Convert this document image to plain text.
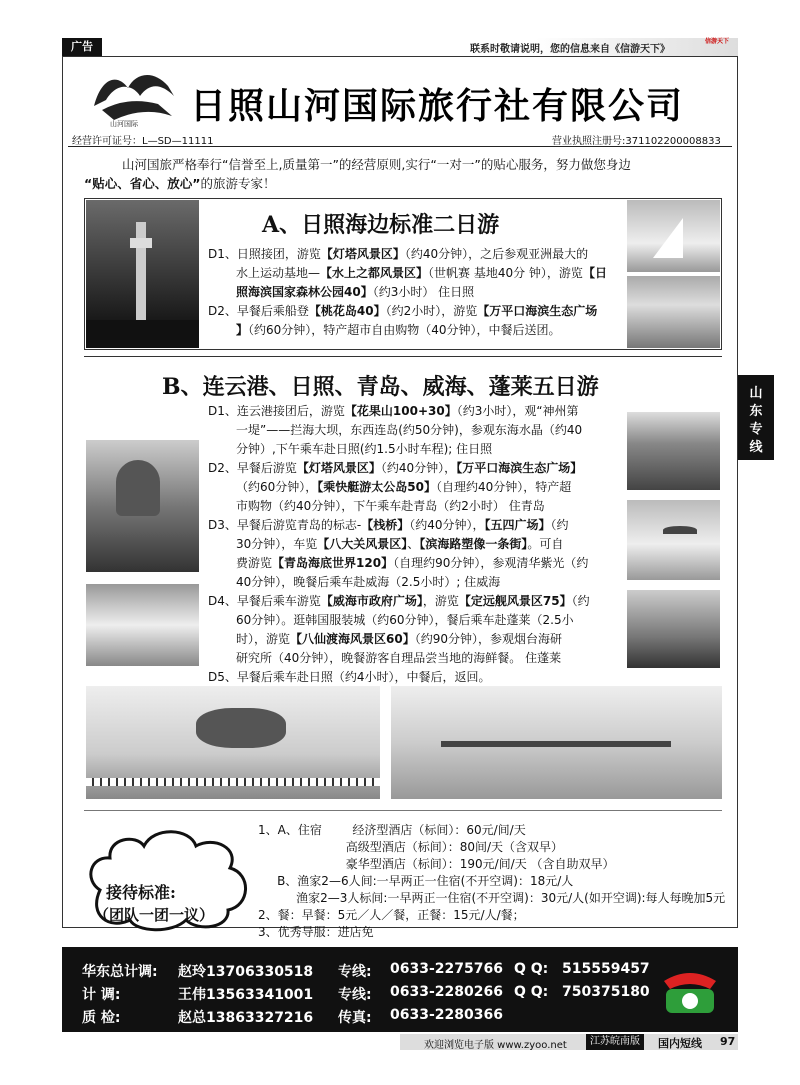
广告	联系时敬请说明，您的信息来自《信游天下》
信游天下
山河国际 日照山河国际旅行社有限公司
经营许可证号：L—SD—11111	营业执照注册号:371102200008833
山河国旅严格奉行“信誉至上,质量第一”的经营原则,实行“一对一”的贴心服务，努力做您身边
“贴心、省心、放心”的旅游专家！
A、日照海边标准二日游
D1、日照接团，游览【灯塔风景区】（约40分钟），之后参观亚洲最大的
水上运动基地—【水上之都风景区】（世帆赛 基地40分 钟），游览【日
照海滨国家森林公园40】（约3小时） 住日照
D2、早餐后乘船登【桃花岛40】（约2小时），游览【万平口海滨生态广场
】（约60分钟），特产超市自由购物（40分钟），中餐后送团。
B、连云港、日照、青岛、威海、蓬莱五日游
D1、连云港接团后，游览【花果山100+30】（约3小时），观“神州第
一堤”——拦海大坝，东西连岛(约50分钟)，参观东海水晶（约40
分钟）,下午乘车赴日照(约1.5小时车程); 住日照
D2、早餐后游览【灯塔风景区】（约40分钟），【万平口海滨生态广场】
（约60分钟），【乘快艇游太公岛50】（自理约40分钟），特产超
市购物（约40分钟），下午乘车赴青岛（约2小时） 住青岛
D3、早餐后游览青岛的标志-【栈桥】（约40分钟），【五四广场】（约
30分钟），车览【八大关风景区】、【滨海路塑像一条街】。可自
费游览【青岛海底世界120】（自理约90分钟），参观清华紫光（约
40分钟），晚餐后乘车赴威海（2.5小时）; 住威海
D4、早餐后乘车游览【威海市政府广场】，游览【定远舰风景区75】（约
60分钟）。逛韩国服装城（约60分钟），餐后乘车赴蓬莱（2.5小
时），游览【八仙渡海风景区60】（约90分钟），参观烟台海研
研究所（40分钟），晚餐游客自理品尝当地的海鲜餐。 住蓬莱
D5、早餐后乘车赴日照（约4小时），中餐后，返回。
山东专线
接待标准:
（团队一团一议）
1、A、住宿        经济型酒店（标间）：60元/间/天
高级型酒店（标间）：80间/天（含双早）
豪华型酒店（标间）：190元/间/天 （含自助双早）
B、渔家2—6人间:一早两正一住宿(不开空调)：18元/人
渔家2—3人标间:一早两正一住宿(不开空调)：30元/人(如开空调):每人每晚加5元
2、餐：早餐：5元／人／餐，正餐：15元/人/餐；
3、优秀导服：进店免
华东总计调: 赵玲13706330518 专线: 0633-2275766 Q Q: 515559457
计 调:	王伟13563341001 专线: 0633-2280266 Q Q: 750375180
质 检:	赵总13863327216 传真: 0633-2280366
欢迎浏览电子版 www.zyoo.net	江苏皖南版	国内短线 97
